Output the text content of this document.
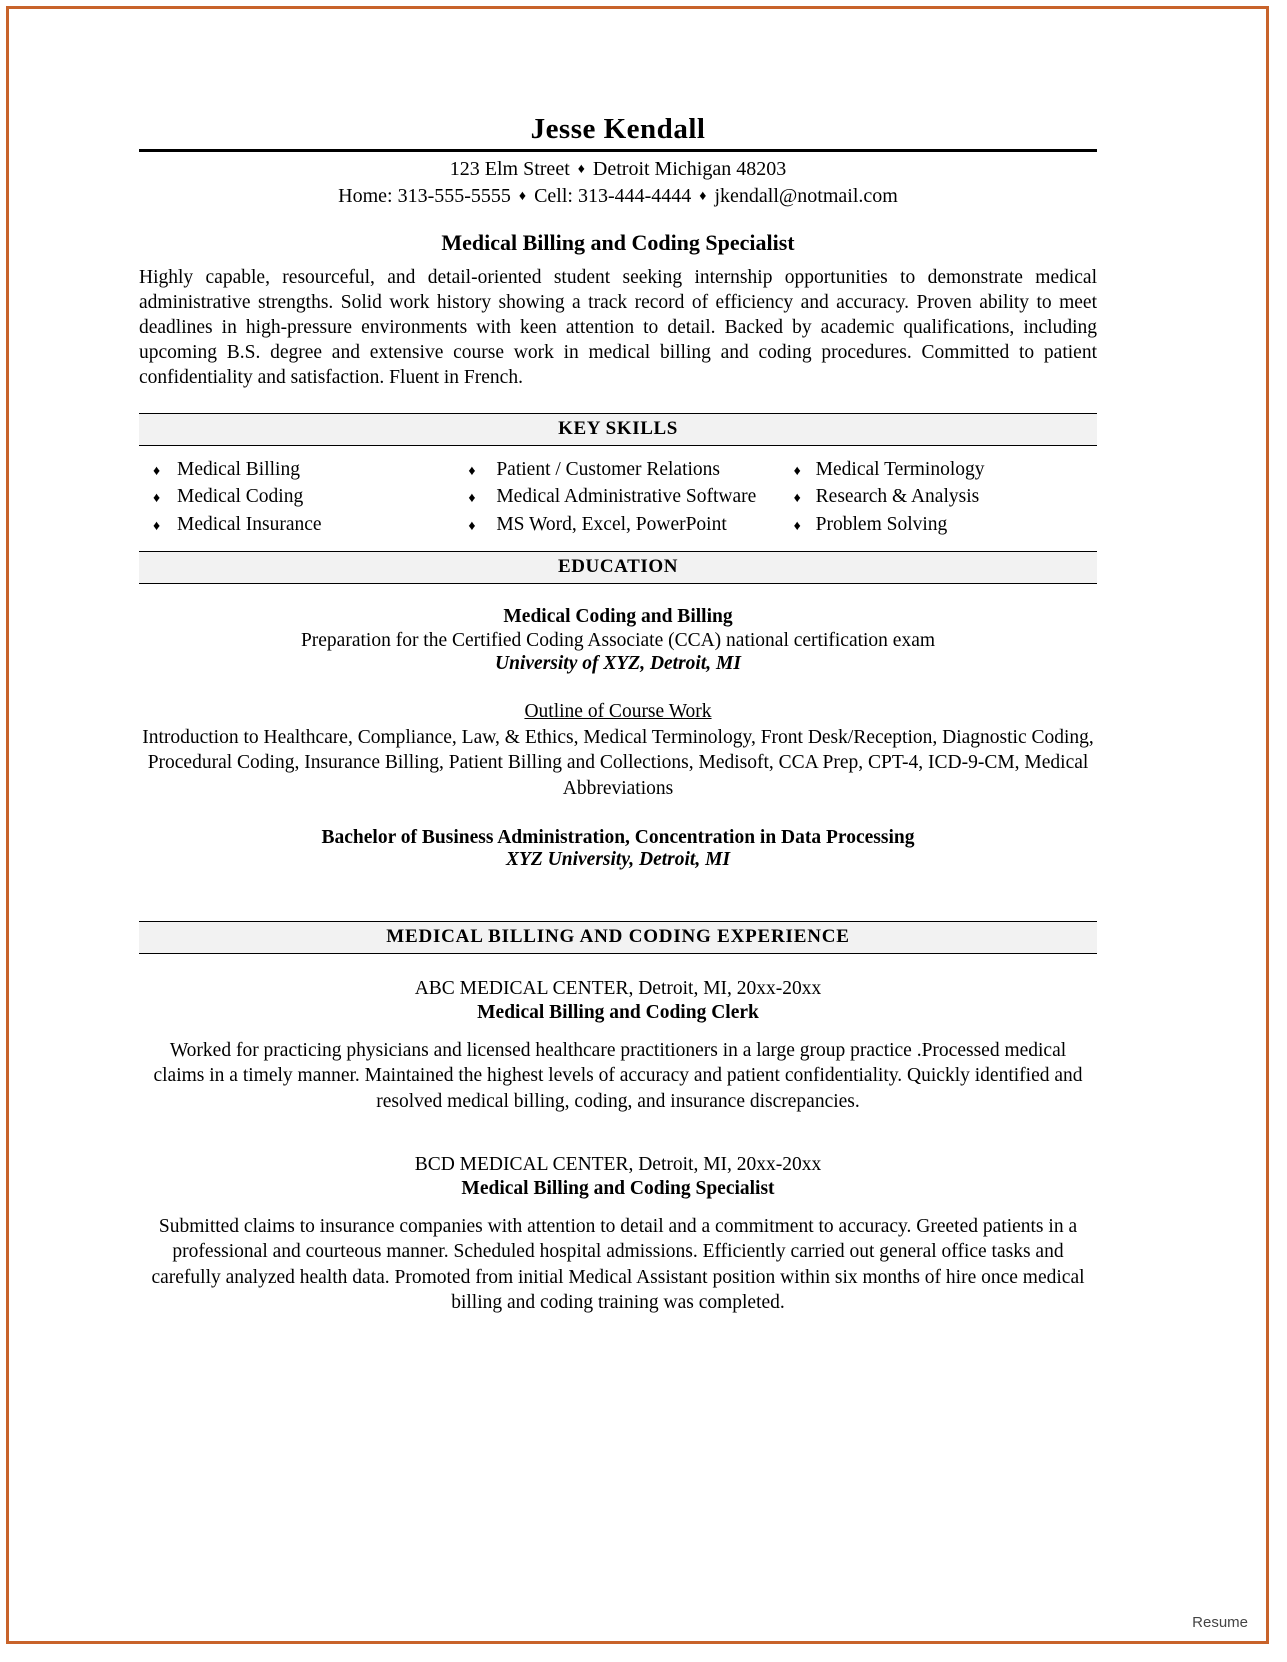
Jesse Kendall
123 Elm Street ♦ Detroit Michigan 48203
Home: 313-555-5555 ♦ Cell: 313-444-4444 ♦ jkendall@notmail.com
Medical Billing and Coding Specialist
Highly capable, resourceful, and detail-oriented student seeking internship opportunities to demonstrate medical administrative strengths. Solid work history showing a track record of efficiency and accuracy. Proven ability to meet deadlines in high-pressure environments with keen attention to detail. Backed by academic qualifications, including upcoming B.S. degree and extensive course work in medical billing and coding procedures. Committed to patient confidentiality and satisfaction. Fluent in French.
KEY SKILLS
♦ Medical Billing
♦ Medical Coding
♦ Medical Insurance
♦	Patient / Customer Relations
♦	Medical Administrative Software
♦	MS Word, Excel, PowerPoint
♦ Medical Terminology
♦ Research & Analysis
♦ Problem Solving
EDUCATION
Medical Coding and Billing
Preparation for the Certified Coding Associate (CCA) national certification exam
University of XYZ, Detroit, MI
Outline of Course Work
Introduction to Healthcare, Compliance, Law, & Ethics, Medical Terminology, Front Desk/Reception, Diagnostic Coding, Procedural Coding, Insurance Billing, Patient Billing and Collections, Medisoft, CCA Prep, CPT-4, ICD-9-CM, Medical Abbreviations
Bachelor of Business Administration, Concentration in Data Processing
XYZ University, Detroit, MI
MEDICAL BILLING AND CODING EXPERIENCE
ABC MEDICAL CENTER, Detroit, MI, 20xx-20xx
Medical Billing and Coding Clerk
Worked for practicing physicians and licensed healthcare practitioners in a large group practice .Processed medical claims in a timely manner. Maintained the highest levels of accuracy and patient confidentiality. Quickly identified and resolved medical billing, coding, and insurance discrepancies.
BCD MEDICAL CENTER, Detroit, MI, 20xx-20xx
Medical Billing and Coding Specialist
Submitted claims to insurance companies with attention to detail and a commitment to accuracy. Greeted patients in a professional and courteous manner. Scheduled hospital admissions. Efficiently carried out general office tasks and carefully analyzed health data. Promoted from initial Medical Assistant position within six months of hire once medical billing and coding training was completed.
Resume
